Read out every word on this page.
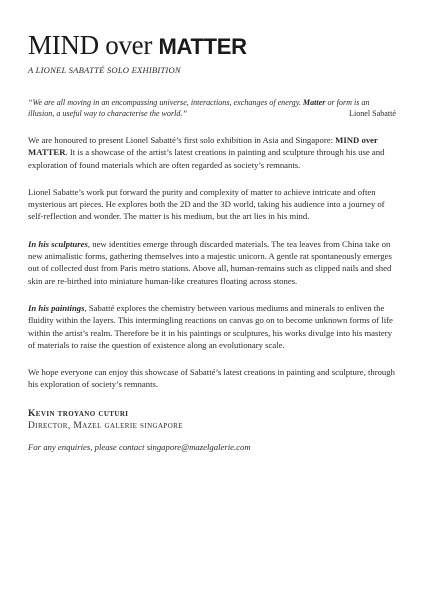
MIND over MATTER

A LIONEL SABATTÉ SOLO EXHIBITION

“We are all moving in an encompassing universe, interactions, exchanges of energy. Matter or form is an illusion, a useful way to characterise the world.”	Lionel Sabatté

We are honoured to present Lionel Sabatté’s first solo exhibition in Asia and Singapore: MIND over MATTER. It is a showcase of the artist’s latest creations in painting and sculpture through his use and exploration of found materials which are often regarded as society’s remnants.

Lionel Sabatte’s work put forward the purity and complexity of matter to achieve intricate and often mysterious art pieces. He explores both the 2D and the 3D world, taking his audience into a journey of self-reflection and wonder. The matter is his medium, but the art lies in his mind.

In his sculptures, new identities emerge through discarded materials. The tea leaves from China take on new animalistic forms, gathering themselves into a majestic unicorn. A gentle rat spontaneously emerges out of collected dust from Paris metro stations. Above all, human-remains such as clipped nails and shed skin are re-birthed into miniature human-like creatures floating across stones.

In his paintings, Sabatté explores the chemistry between various mediums and minerals to enliven the fluidity within the layers. This intermingling reactions on canvas go on to become unknown forms of life within the artist’s realm. Therefore be it in his paintings or sculptures, his works divulge into his mastery of materials to raise the question of existence along an evolutionary scale.

We hope everyone can enjoy this showcase of Sabatté’s latest creations in painting and sculpture, through his exploration of society’s remnants.

Kevin troyano cuturi
Director, Mazel galerie singapore
For any enquiries, please contact singapore@mazelgalerie.com
